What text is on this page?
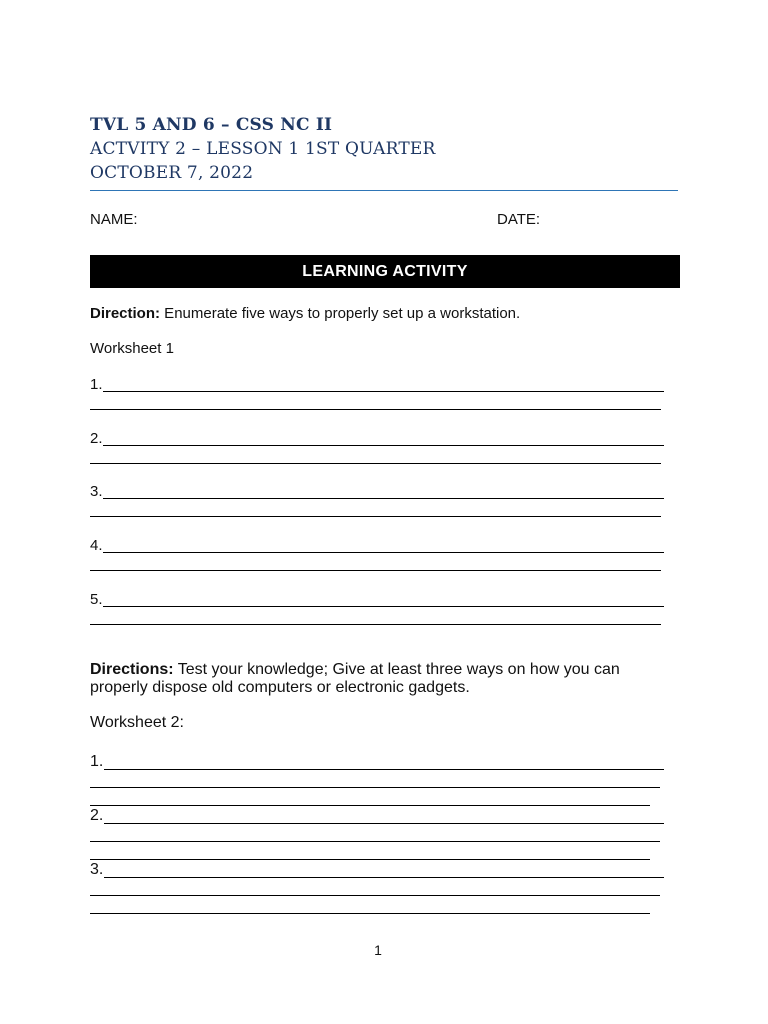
TVL 5 AND 6 – CSS NC II
ACTVITY 2 – LESSON 1 1ST QUARTER
OCTOBER 7, 2022
NAME:	DATE:
LEARNING ACTIVITY
Direction: Enumerate five ways to properly set up a workstation.
Worksheet 1
1.
2.
3.
4.
5.
Directions: Test your knowledge; Give at least three ways on how you can properly dispose old computers or electronic gadgets.
Worksheet 2:
1.
2.
3.
1
